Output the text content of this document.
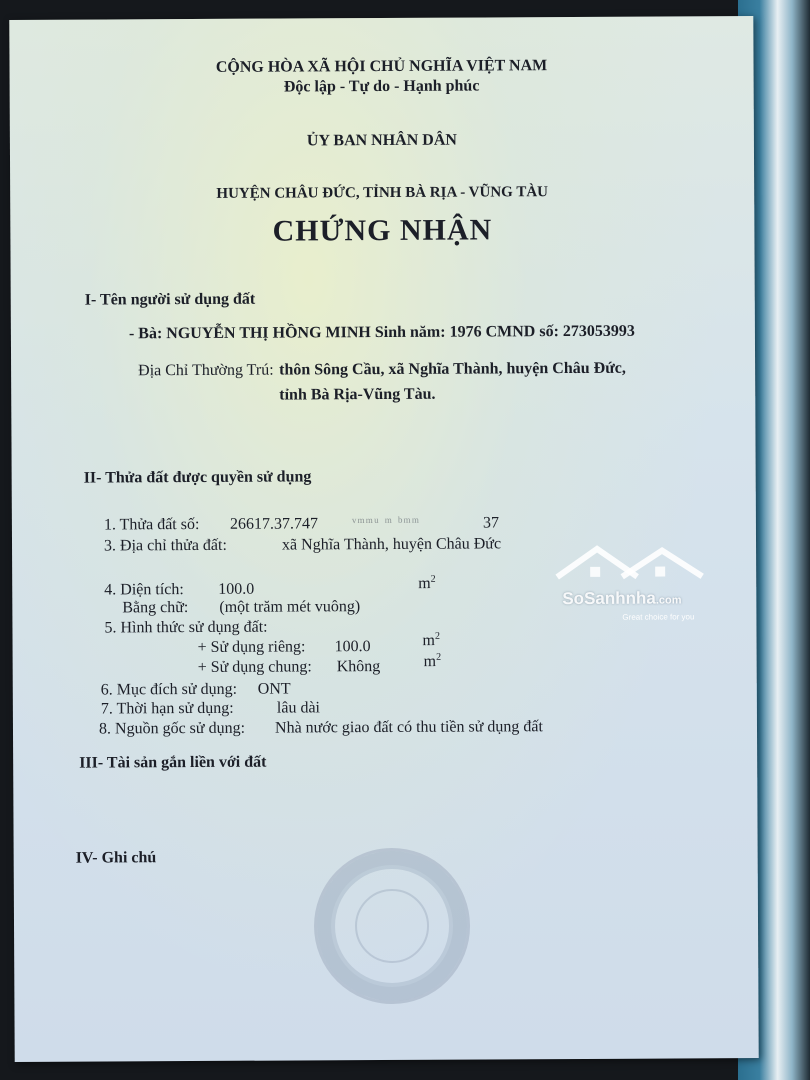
CỘNG HÒA XÃ HỘI CHỦ NGHĨA VIỆT NAM
Độc lập - Tự do - Hạnh phúc
ỦY BAN NHÂN DÂN
HUYỆN CHÂU ĐỨC, TỈNH BÀ RỊA - VŨNG TÀU
CHỨNG NHẬN
I- Tên người sử dụng đất
- Bà: NGUYỄN THỊ HỒNG MINH Sinh năm: 1976 CMND số: 273053993
Địa Chỉ Thường Trú: thôn Sông Cầu, xã Nghĩa Thành, huyện Châu Đức,
tỉnh Bà Rịa-Vũng Tàu.
II- Thửa đất được quyền sử dụng
1. Thửa đất số: 26617.37.747 ᵛᵐᵐᵘ ᵐ ᵇᵐᵐ	37
3. Địa chỉ thửa đất:	xã Nghĩa Thành, huyện Châu Đức
4. Diện tích: 100.0	$m^2$
Bằng chữ: (một trăm mét vuông)
5. Hình thức sử dụng đất:
+ Sử dụng riêng: 100.0	$m^2$
+ Sử dụng chung: Không	$m^2$
6. Mục đích sử dụng: ONT
7. Thời hạn sử dụng:	lâu dài
8. Nguồn gốc sử dụng: Nhà nước giao đất có thu tiền sử dụng đất
III- Tài sản gắn liền với đất
IV- Ghi chú
SoSanhnha.com
Great choice for you
